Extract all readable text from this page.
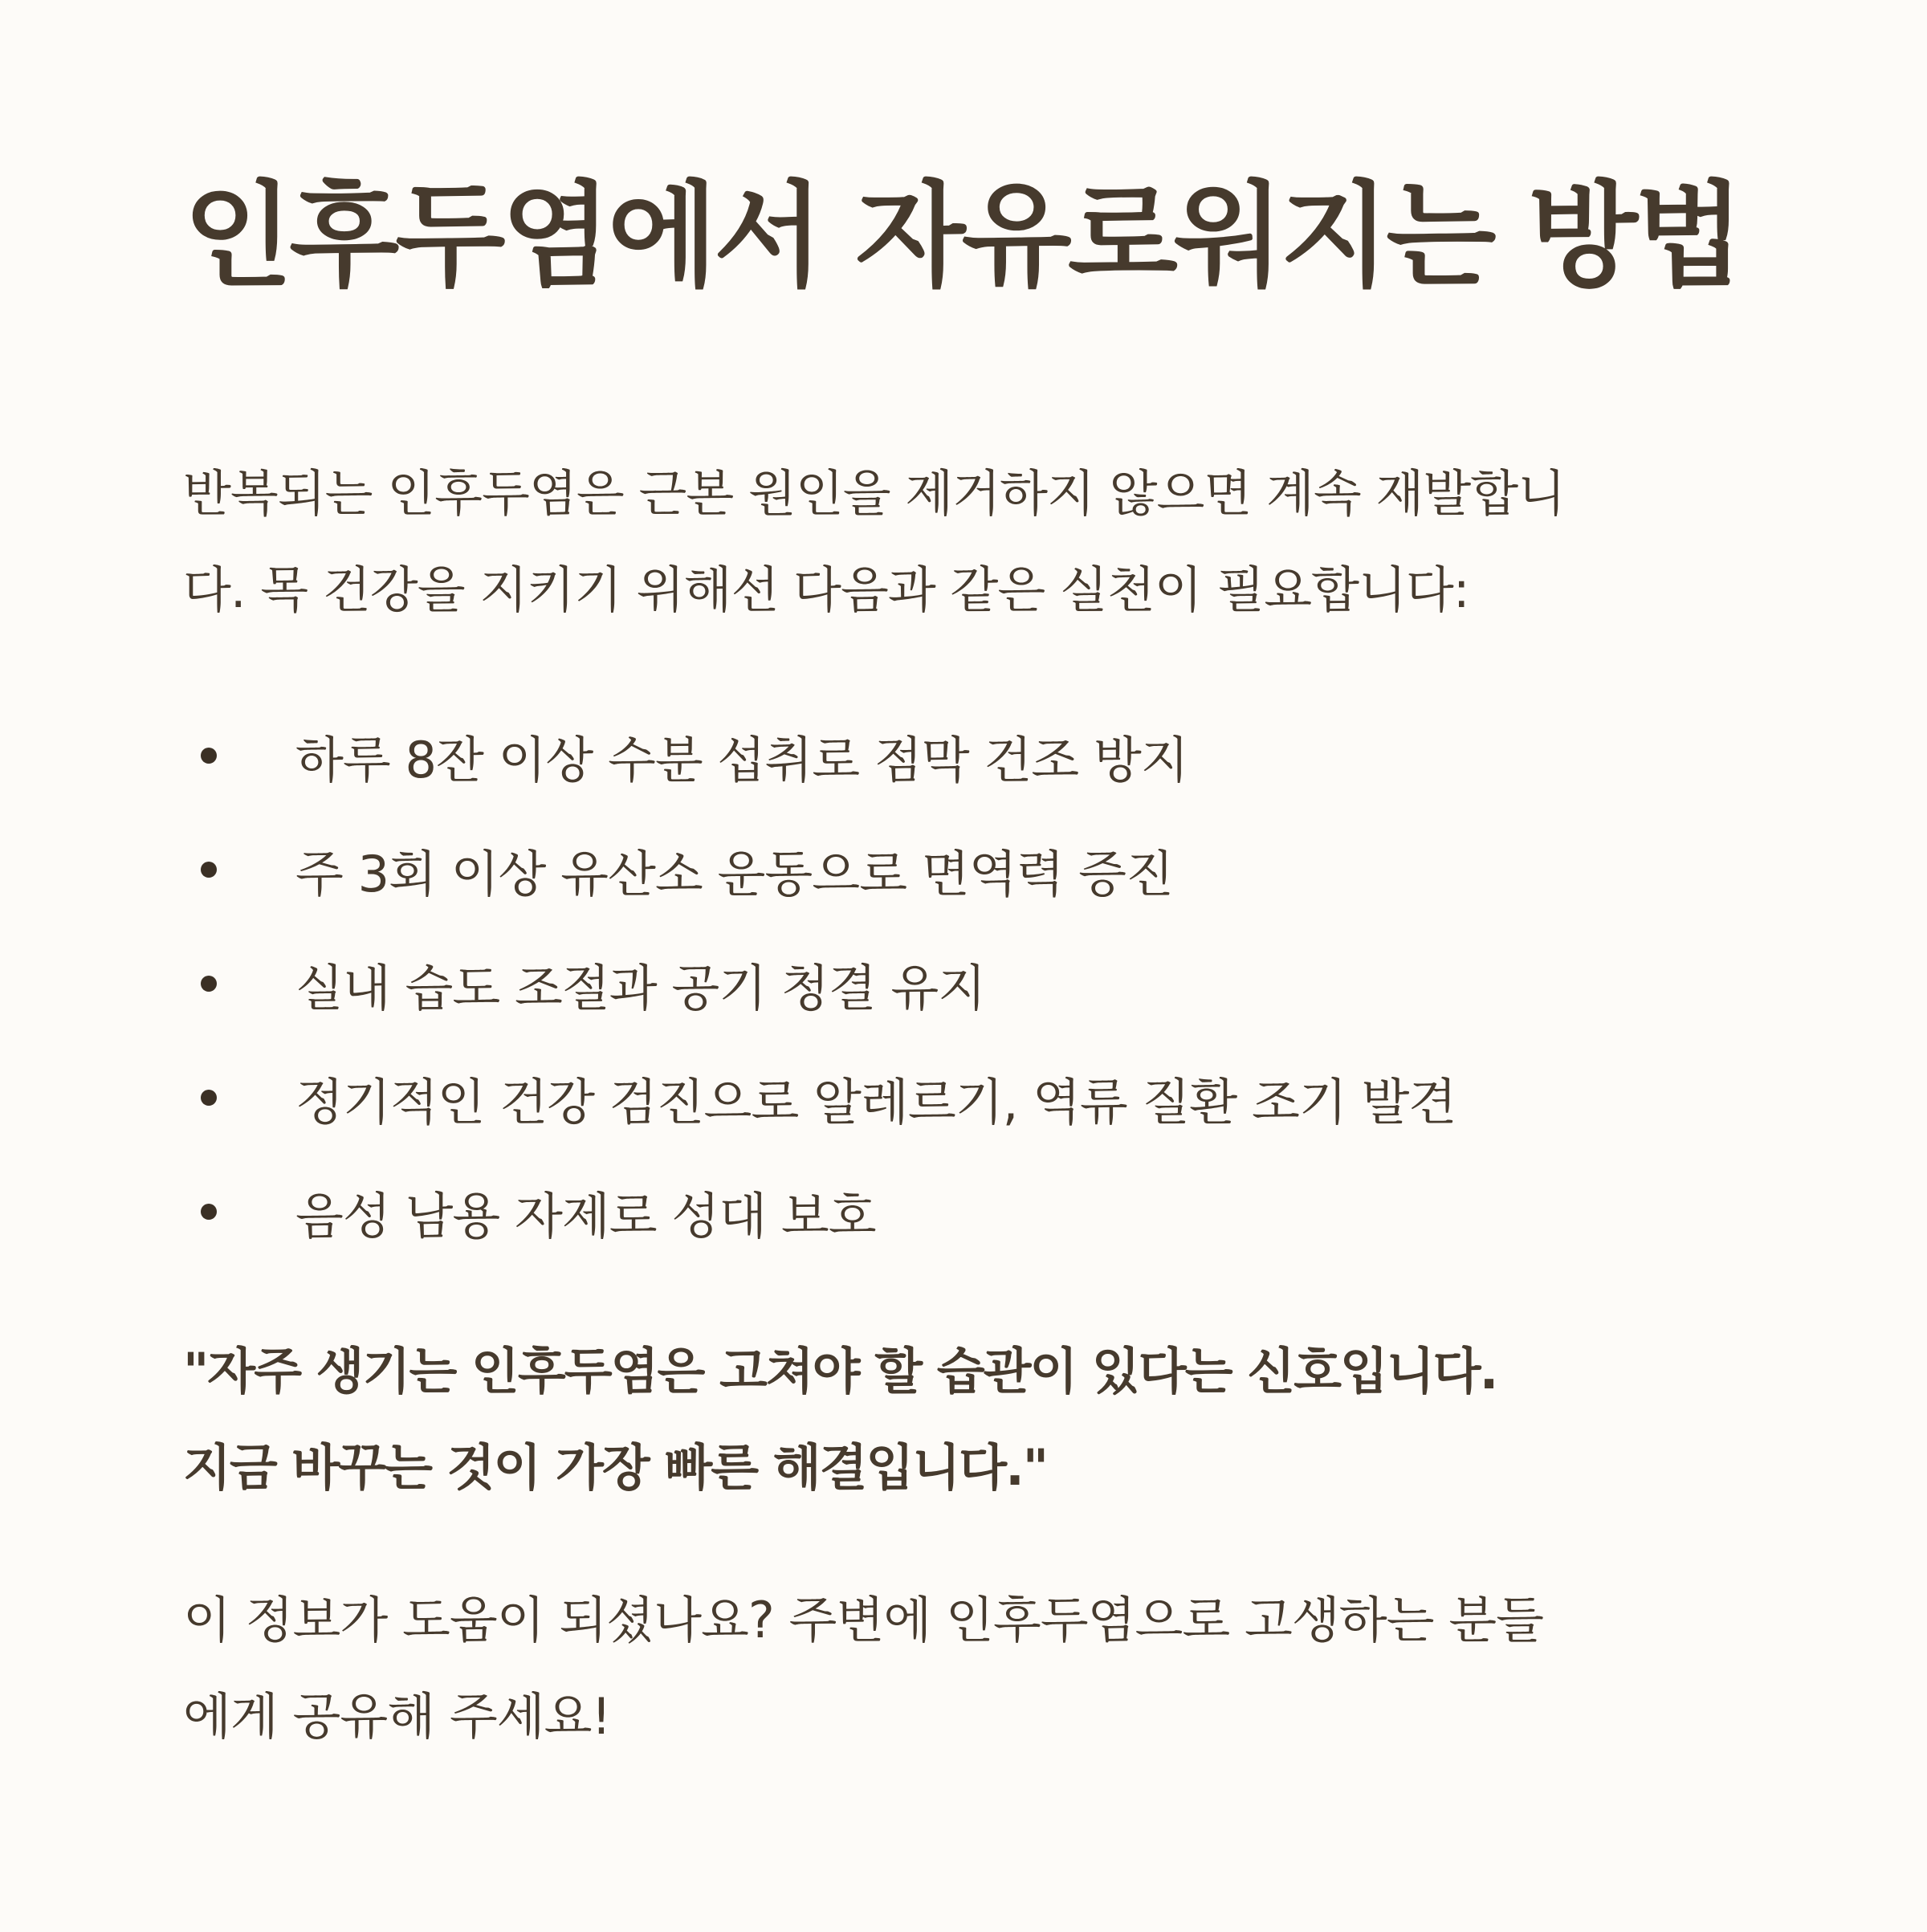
인후두염에서 자유로워지는 방법

반복되는 인후두염은 근본 원인을 제거하지 않으면 계속 재발합니
다. 목 건강을 지키기 위해선 다음과 같은 실천이 필요합니다:

하루 8잔 이상 수분 섭취로 점막 건조 방지
주 3회 이상 유산소 운동으로 면역력 증진
실내 습도 조절과 공기 청결 유지
정기적인 건강 검진으로 알레르기, 역류 질환 조기 발견
음성 남용 자제로 성대 보호

"자주 생기는 인후두염은 고쳐야 할 습관이 있다는 신호입니다.
지금 바꾸는 것이 가장 빠른 해결입니다."

이 정보가 도움이 되셨나요? 주변에 인후두염으로 고생하는 분들
에게 공유해 주세요!
